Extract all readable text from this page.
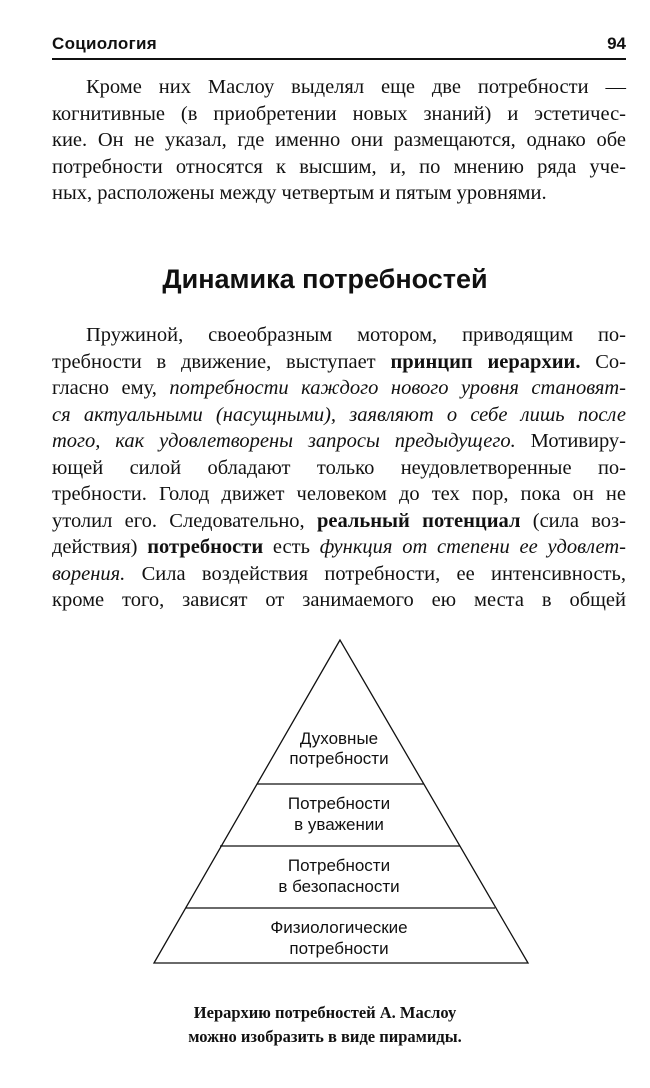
Социология	94

Кроме них Маслоу выделял еще две потребности —
когнитивные (в приобретении новых знаний) и эстетичес-
кие. Он не указал, где именно они размещаются, однако обе
потребности относятся к высшим, и, по мнению ряда уче-
ных, расположены между четвертым и пятым уровнями.

Динамика потребностей

Пружиной, своеобразным мотором, приводящим по-
требности в движение, выступает принцип иерархии. Со-
гласно ему, потребности каждого нового уровня становят-
ся актуальными (насущными), заявляют о себе лишь после
того, как удовлетворены запросы предыдущего. Мотивиру-
ющей силой обладают только неудовлетворенные по-
требности. Голод движет человеком до тех пор, пока он не
утолил его. Следовательно, реальный потенциал (сила воз-
действия) потребности есть функция от степени ее удовлет-
ворения. Сила воздействия потребности, ее интенсивность,
кроме того, зависят от занимаемого ею места в общей

Духовные
потребности
Потребности
в уважении
Потребности
в безопасности
Физиологические
потребности

Иерархию потребностей А. Маслоу
можно изобразить в виде пирамиды.
